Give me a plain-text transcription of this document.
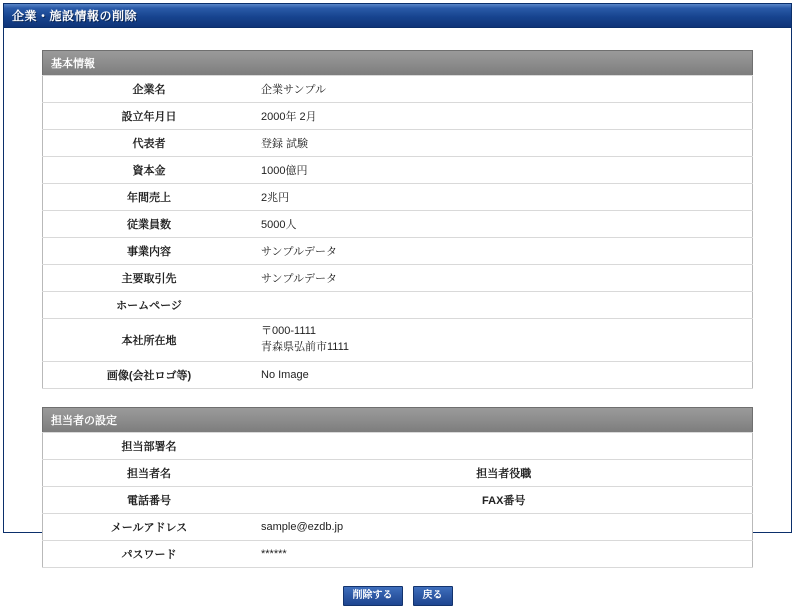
企業・施設情報の削除
基本情報
企業名	企業サンプル
設立年月日	2000年 2月
代表者	登録 試験
資本金	1000億円
年間売上	2兆円
従業員数	5000人
事業内容	サンプルデータ
主要取引先	サンプルデータ
ホームページ	
本社所在地	〒000-1111
青森県弘前市1111

画像(会社ロゴ等)	No Image
担当者の設定
担当部署名			
担当者名		担当者役職	
電話番号		FAX番号	
メールアドレス	sample@ezdb.jp		
パスワード	******		
削除する	戻る
